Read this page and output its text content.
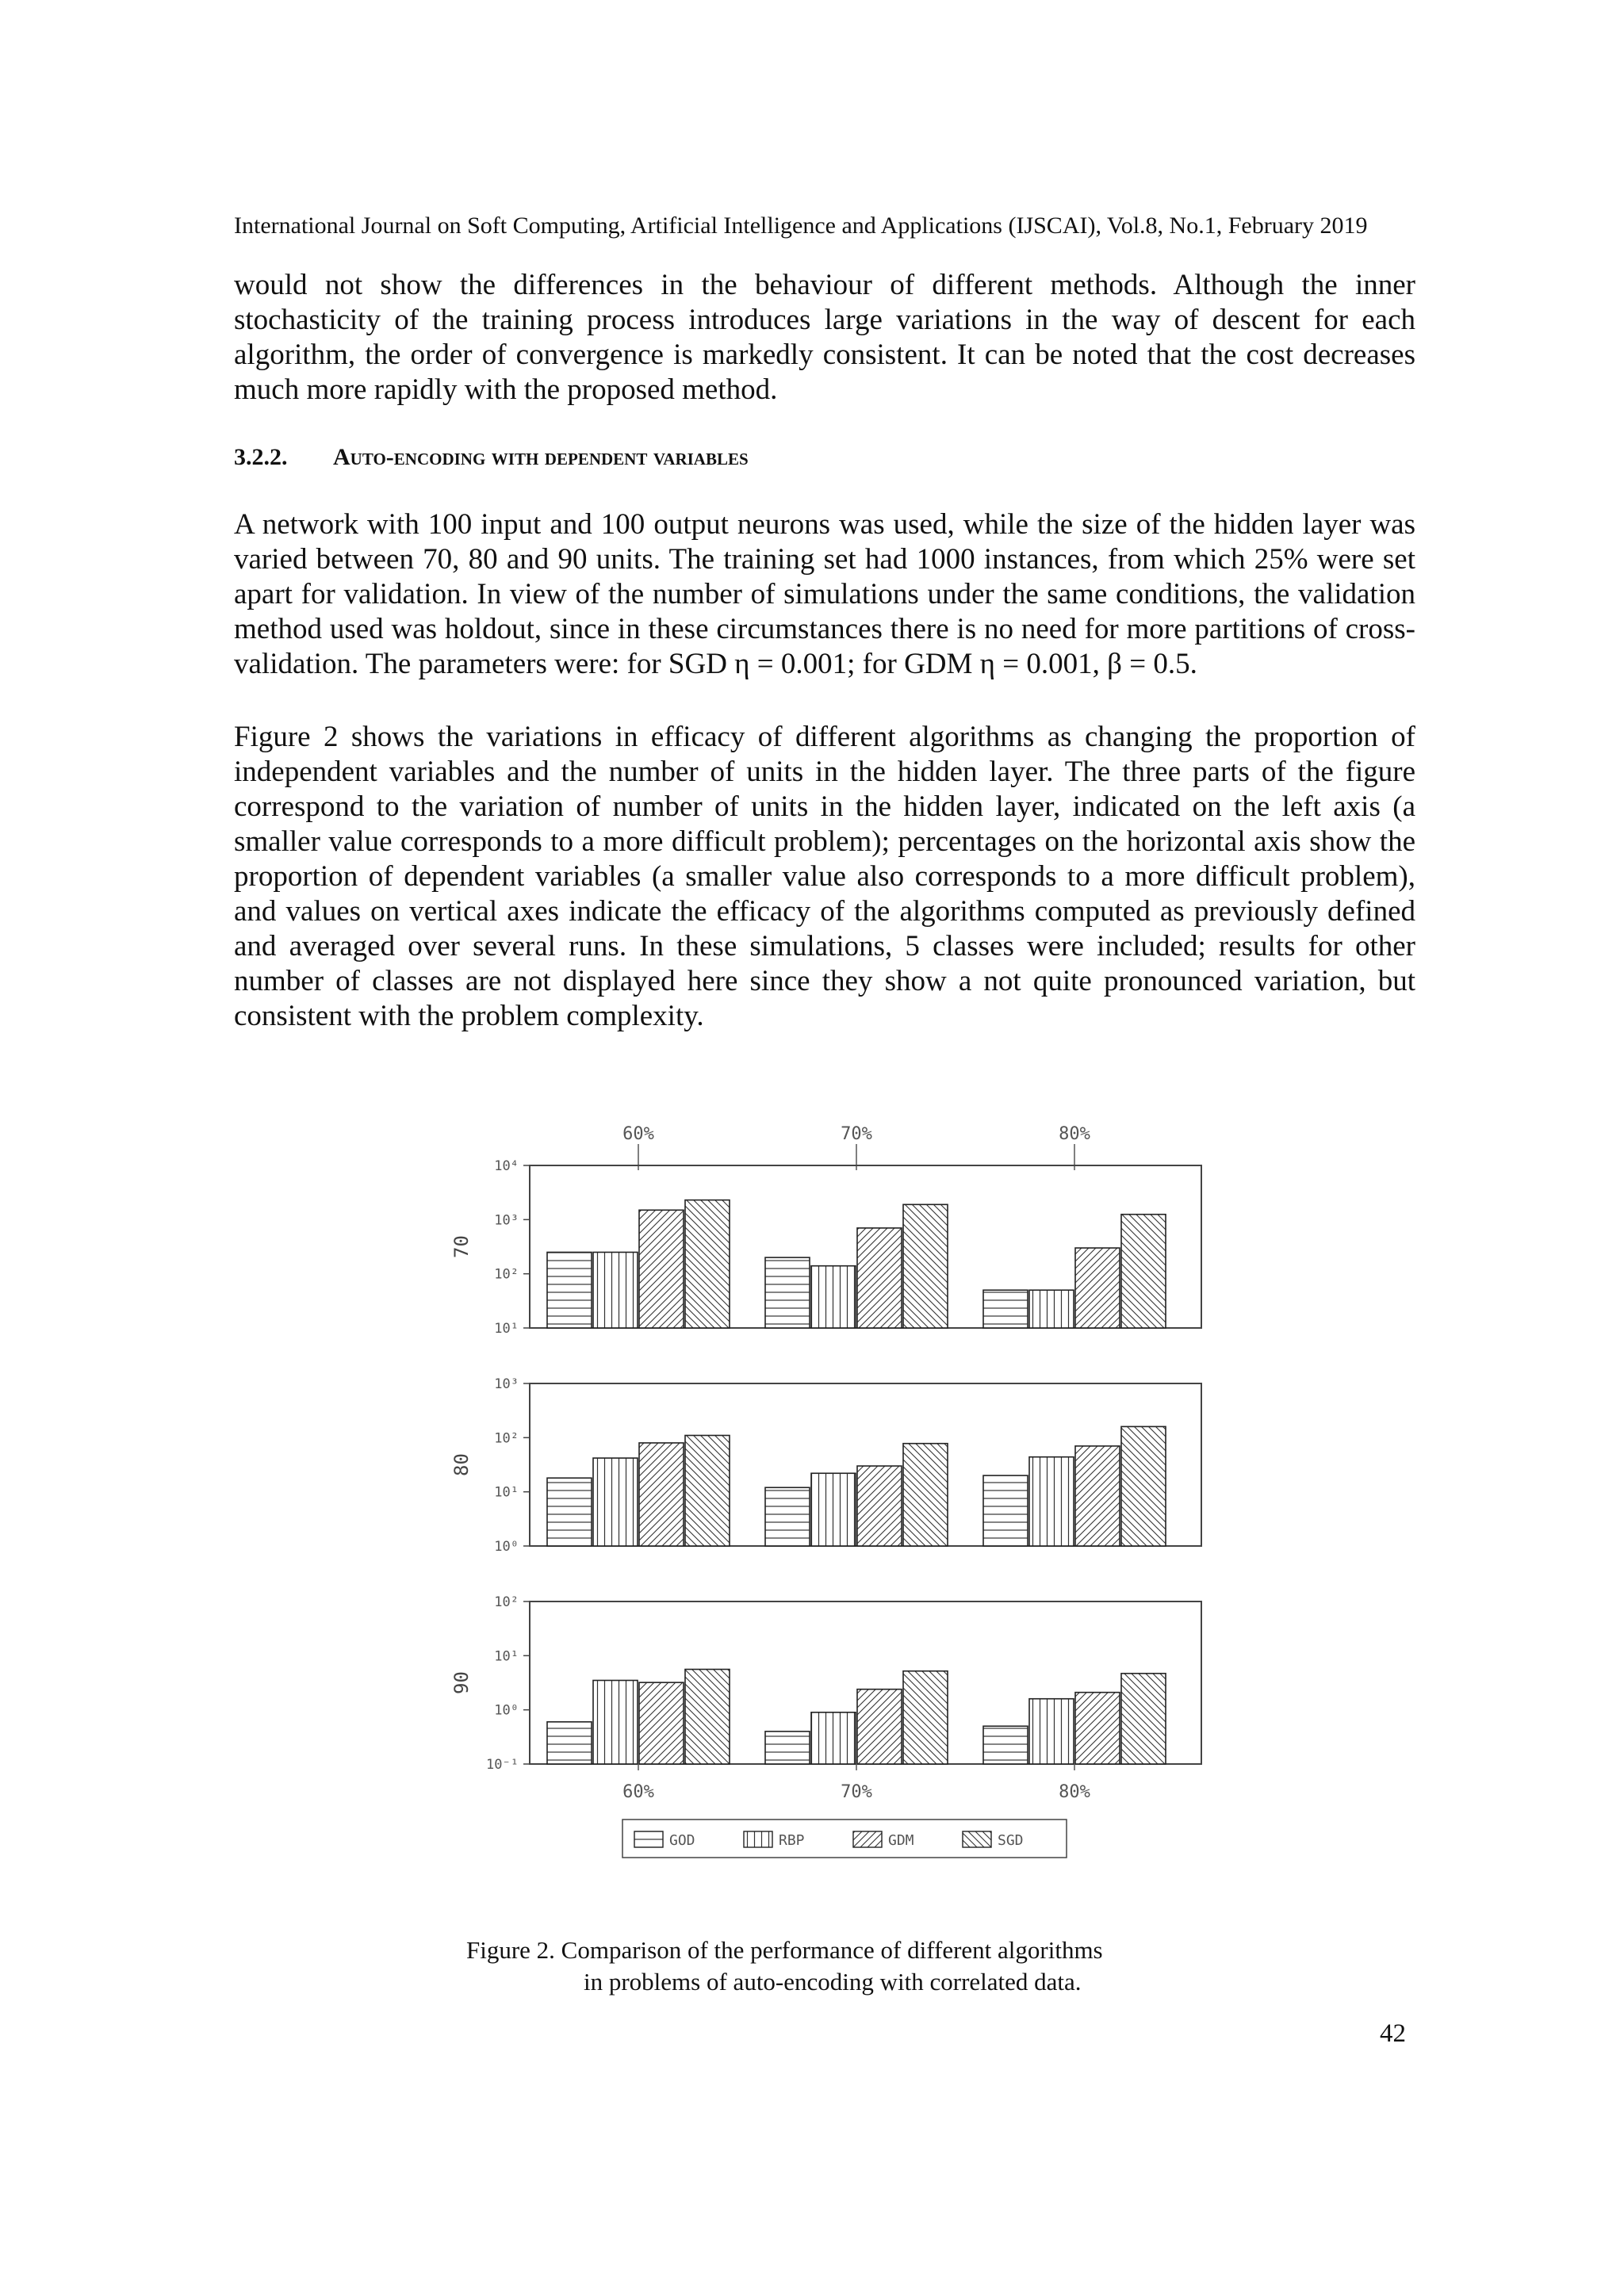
International Journal on Soft Computing, Artificial Intelligence and Applications (IJSCAI), Vol.8, No.1, February 2019

would not show the differences in the behaviour of different methods. Although the inner stochasticity of the training process introduces large variations in the way of descent for each algorithm, the order of convergence is markedly consistent. It can be noted that the cost decreases much more rapidly with the proposed method.

3.2.2. Auto-encoding with dependent variables

A network with 100 input and 100 output neurons was used, while the size of the hidden layer was varied between 70, 80 and 90 units. The training set had 1000 instances, from which 25% were set apart for validation. In view of the number of simulations under the same conditions, the validation method used was holdout, since in these circumstances there is no need for more partitions of cross-validation. The parameters were: for SGD η = 0.001; for GDM η = 0.001, β = 0.5.

Figure 2 shows the variations in efficacy of different algorithms as changing the proportion of independent variables and the number of units in the hidden layer. The three parts of the figure correspond to the variation of number of units in the hidden layer, indicated on the left axis (a smaller value corresponds to a more difficult problem); percentages on the horizontal axis show the proportion of dependent variables (a smaller value also corresponds to a more difficult problem), and values on vertical axes indicate the efficacy of the algorithms computed as previously defined and averaged over several runs. In these simulations, 5 classes were included; results for other number of classes are not displayed here since they show a not quite pronounced variation, but consistent with the problem complexity.

60%	70%	80%
10⁴
10³
10²
10¹
70
10³
10²
10¹
10⁰
80
10²
10¹
10⁰
10⁻¹
90
60%	70%	80%
GOD	RBP	GDM	SGD
Figure 2. Comparison of the performance of different algorithms
in problems of auto-encoding with correlated data.
42
